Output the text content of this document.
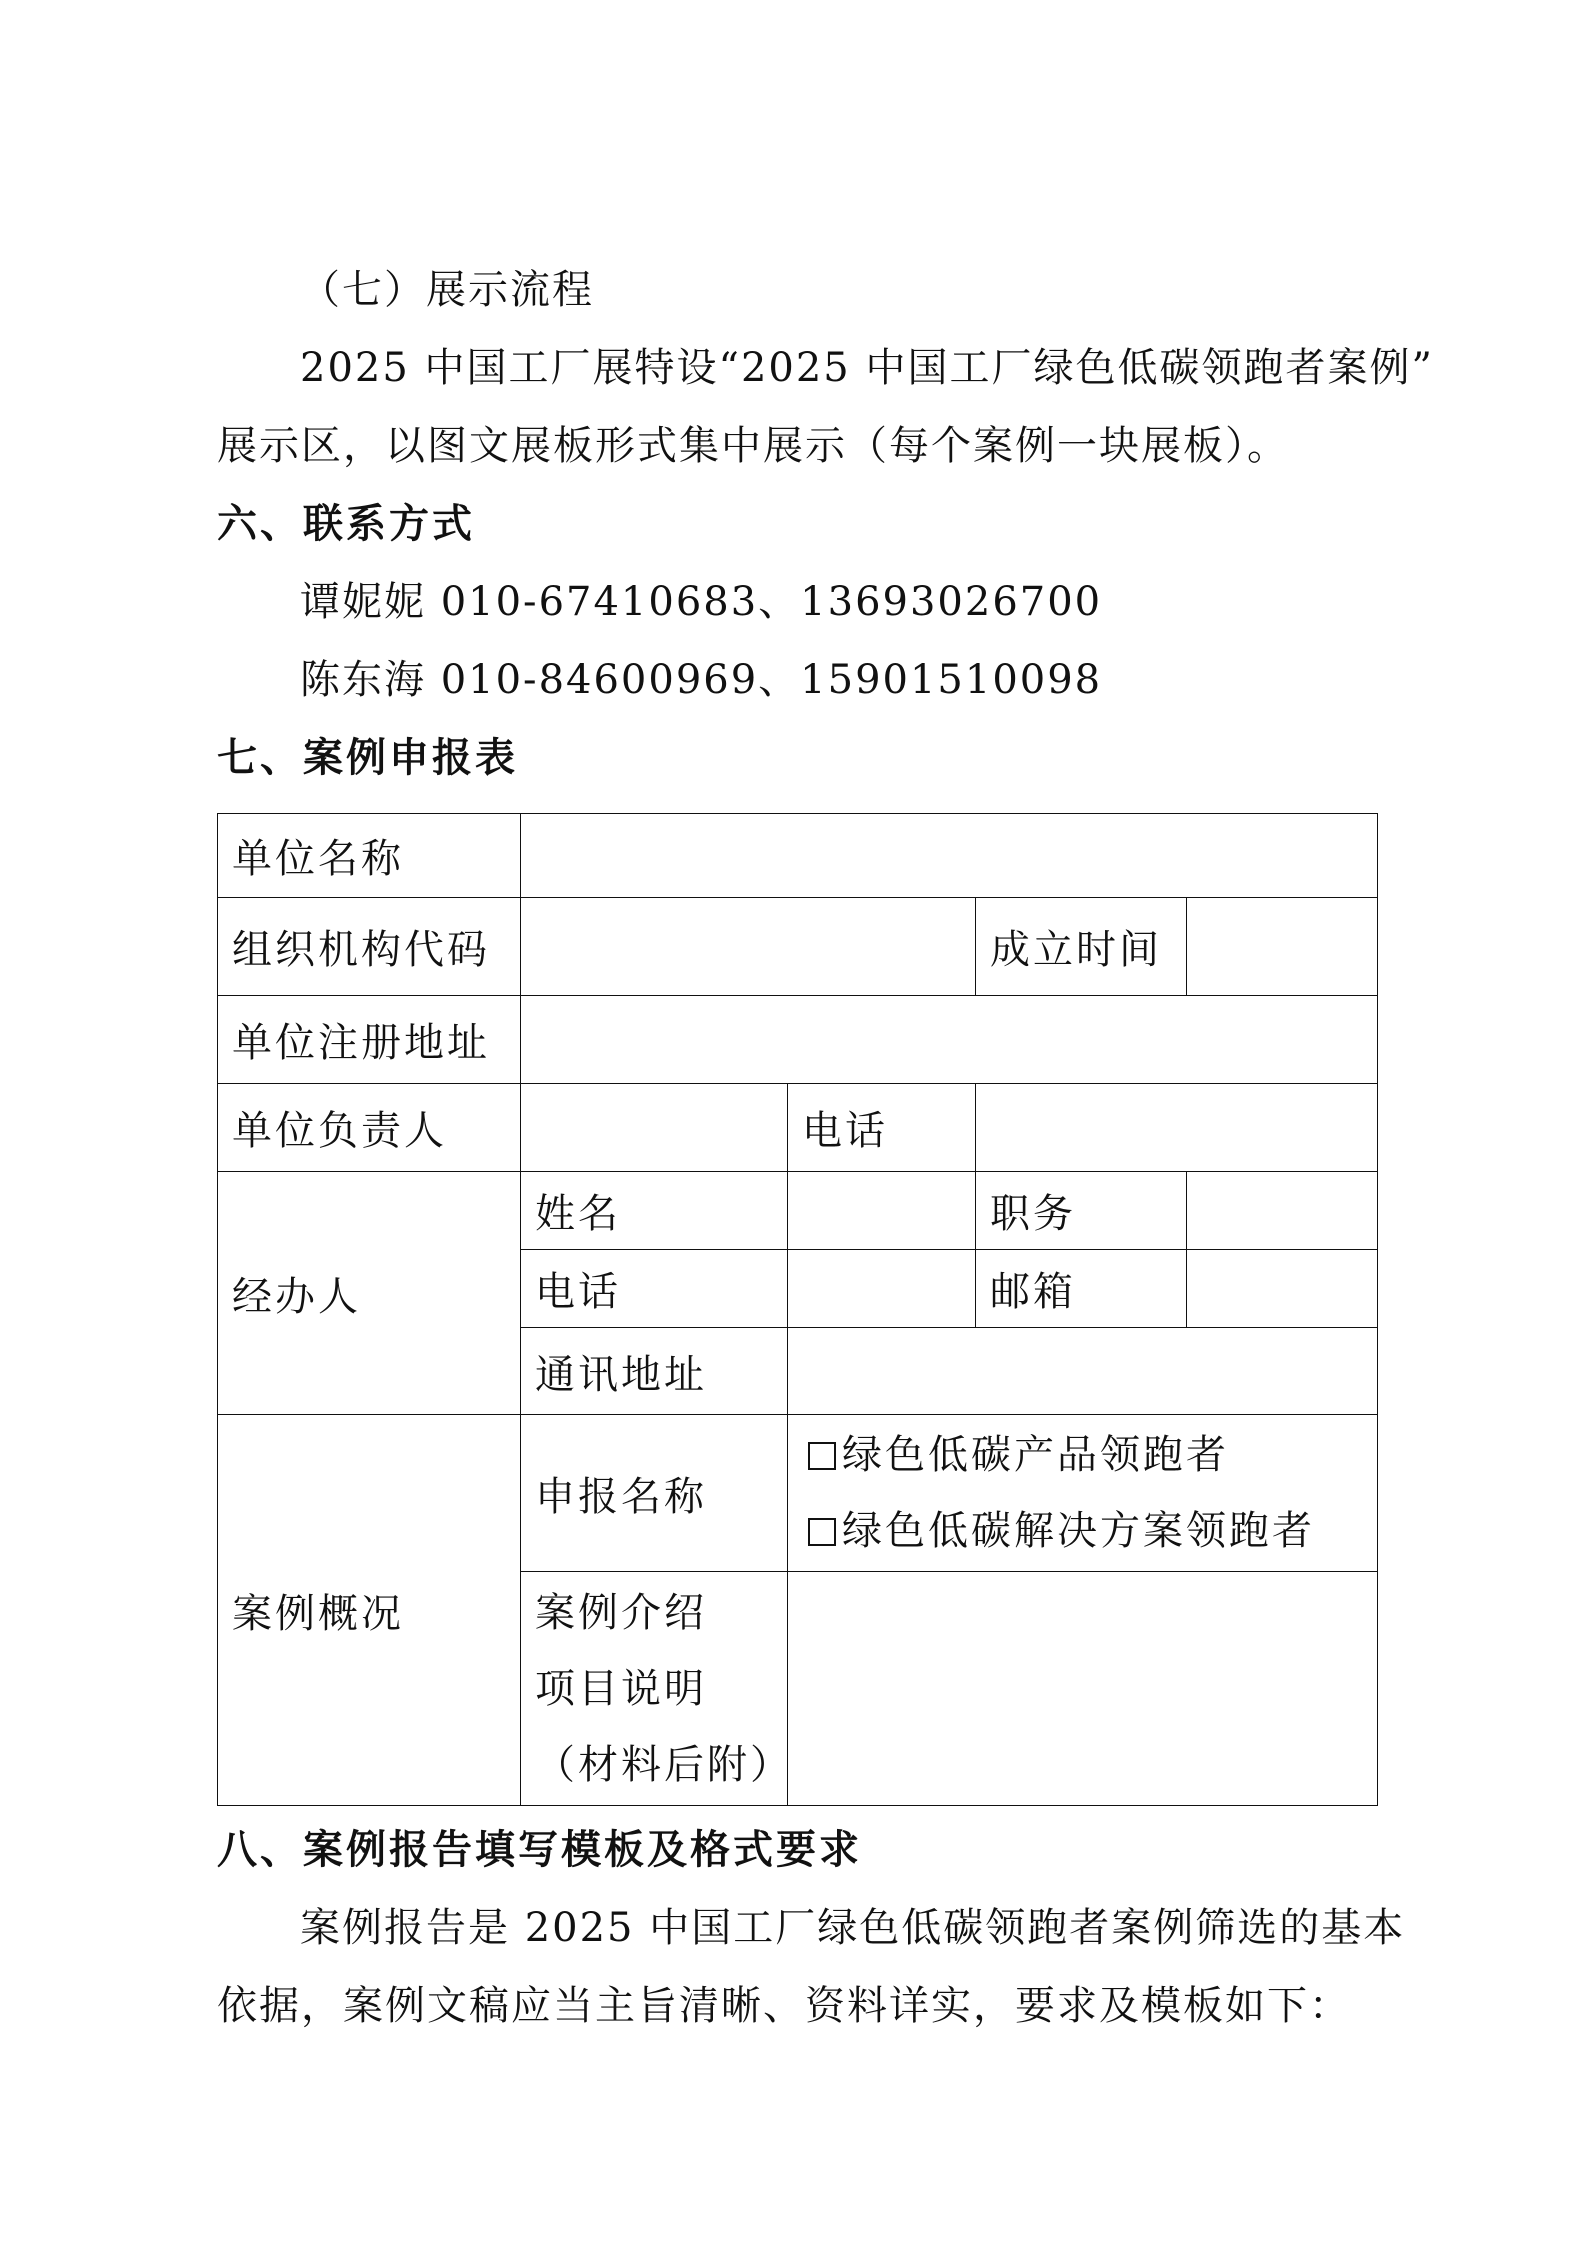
（七）展示流程
2025 中国工厂展特设“2025 中国工厂绿色低碳领跑者案例”
展示区，以图文展板形式集中展示（每个案例一块展板）。
六、联系方式
谭妮妮 010-67410683、13693026700
陈东海 010-84600969、15901510098
七、案例申报表
单位名称				
组织机构代码			成立时间	
单位注册地址				
单位负责人		电话		
经办人	姓名		职务	
	电话		邮箱	
	通讯地址			
案例概况	申报名称	绿色低碳产品领跑者
绿色低碳解决方案领跑者		

	案例介绍
项目说明
（材料后附）			

八、案例报告填写模板及格式要求
案例报告是 2025 中国工厂绿色低碳领跑者案例筛选的基本
依据，案例文稿应当主旨清晰、资料详实，要求及模板如下：
